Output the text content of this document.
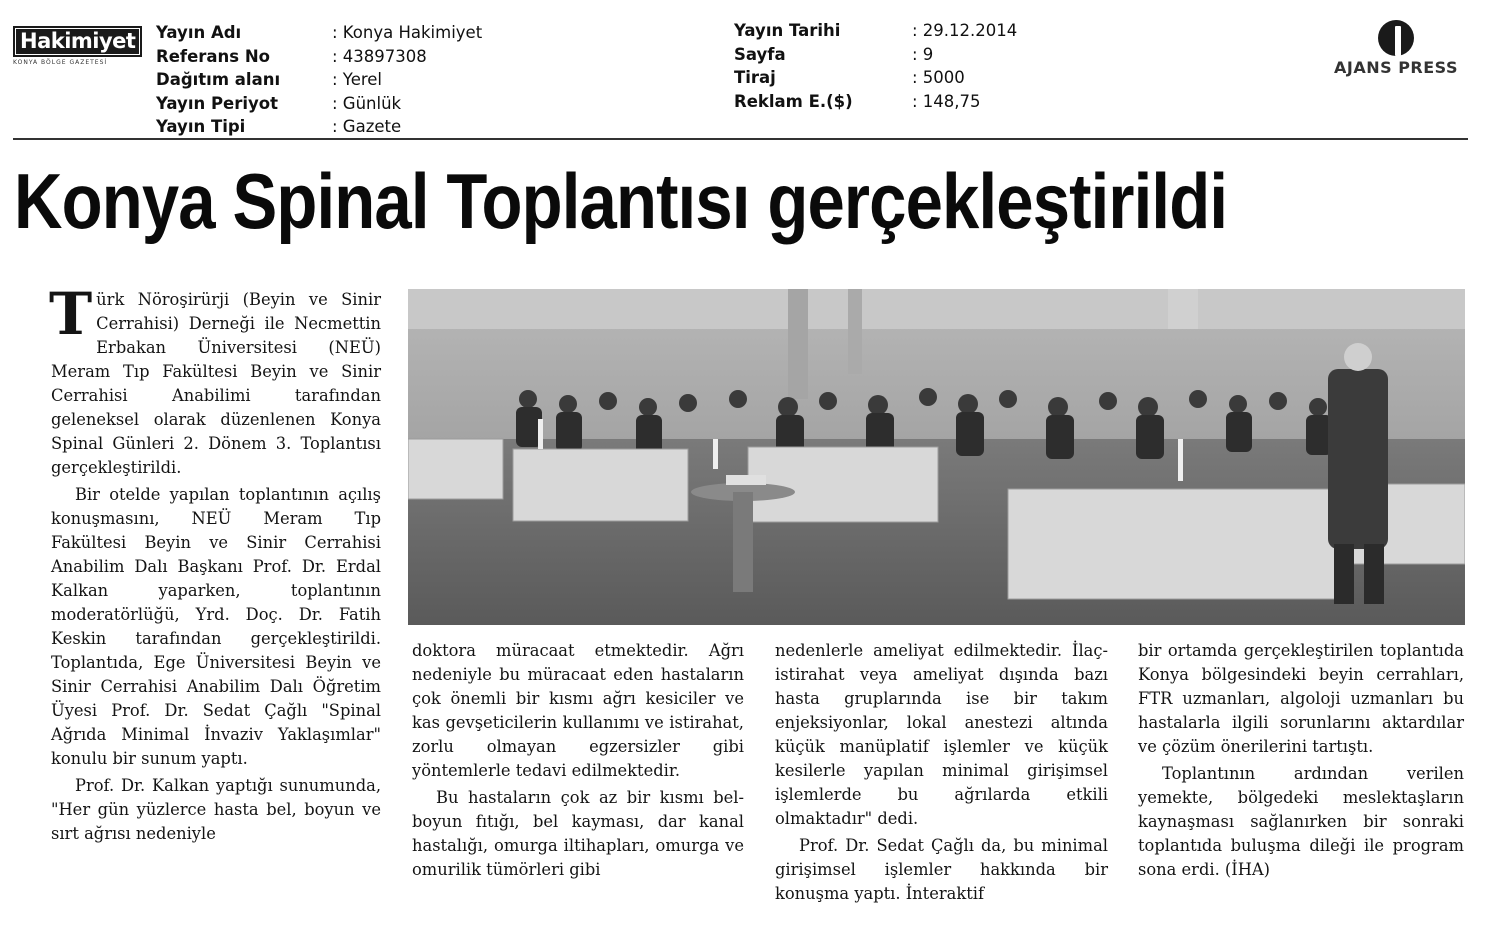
Hakimiyet
KONYA BÖLGE GAZETESİ
Yayın Adı	: Konya Hakimiyet
Referans No	: 43897308
Dağıtım alanı	: Yerel
Yayın Periyot	: Günlük
Yayın Tipi	: Gazete
Yayın Tarihi	: 29.12.2014
Sayfa	: 9
Tiraj	: 5000
Reklam E.($)	: 148,75
AJANS PRESS
Konya Spinal Toplantısı gerçekleştirildi

Türk Nöroşirürji (Beyin ve Sinir Cerrahisi) Derneği ile Necmettin Erbakan Üniversitesi (NEÜ) Meram Tıp Fakültesi Beyin ve Sinir Cerrahisi Anabilimi tarafından geleneksel olarak düzenlenen Konya Spinal Günleri 2. Dönem 3. Toplantısı gerçekleştirildi.

Bir otelde yapılan toplantının açılış konuşmasını, NEÜ Meram Tıp Fakültesi Beyin ve Sinir Cerrahisi Anabilim Dalı Başkanı Prof. Dr. Erdal Kalkan yaparken, toplantının moderatörlüğü, Yrd. Doç. Dr. Fatih Keskin tarafından gerçekleştirildi. Toplantıda, Ege Üniversitesi Beyin ve Sinir Cerrahisi Anabilim Dalı Öğretim Üyesi Prof. Dr. Sedat Çağlı "Spinal Ağrıda Minimal İnvaziv Yaklaşımlar" konulu bir sunum yaptı.

Prof. Dr. Kalkan yaptığı sunumunda, "Her gün yüzlerce hasta bel, boyun ve sırt ağrısı nedeniyle

doktora müracaat etmektedir. Ağrı nedeniyle bu müracaat eden hastaların çok önemli bir kısmı ağrı kesiciler ve kas gevşeticilerin kullanımı ve istirahat, zorlu olmayan egzersizler gibi yöntemlerle tedavi edilmektedir.

Bu hastaların çok az bir kısmı bel-boyun fıtığı, bel kayması, dar kanal hastalığı, omurga iltihapları, omurga ve omurilik tümörleri gibi

nedenlerle ameliyat edilmektedir. İlaç-istirahat veya ameliyat dışında bazı hasta gruplarında ise bir takım enjeksiyonlar, lokal anestezi altında küçük manüplatif işlemler ve küçük kesilerle yapılan minimal girişimsel işlemlerde bu ağrılarda etkili olmaktadır" dedi.

Prof. Dr. Sedat Çağlı da, bu minimal girişimsel işlemler hakkında bir konuşma yaptı. İnteraktif

bir ortamda gerçekleştirilen toplantıda Konya bölgesindeki beyin cerrahları, FTR uzmanları, algoloji uzmanları bu hastalarla ilgili sorunlarını aktardılar ve çözüm önerilerini tartıştı.

Toplantının ardından verilen yemekte, bölgedeki meslektaşların kaynaşması sağlanırken bir sonraki toplantıda buluşma dileği ile program sona erdi. (İHA)
